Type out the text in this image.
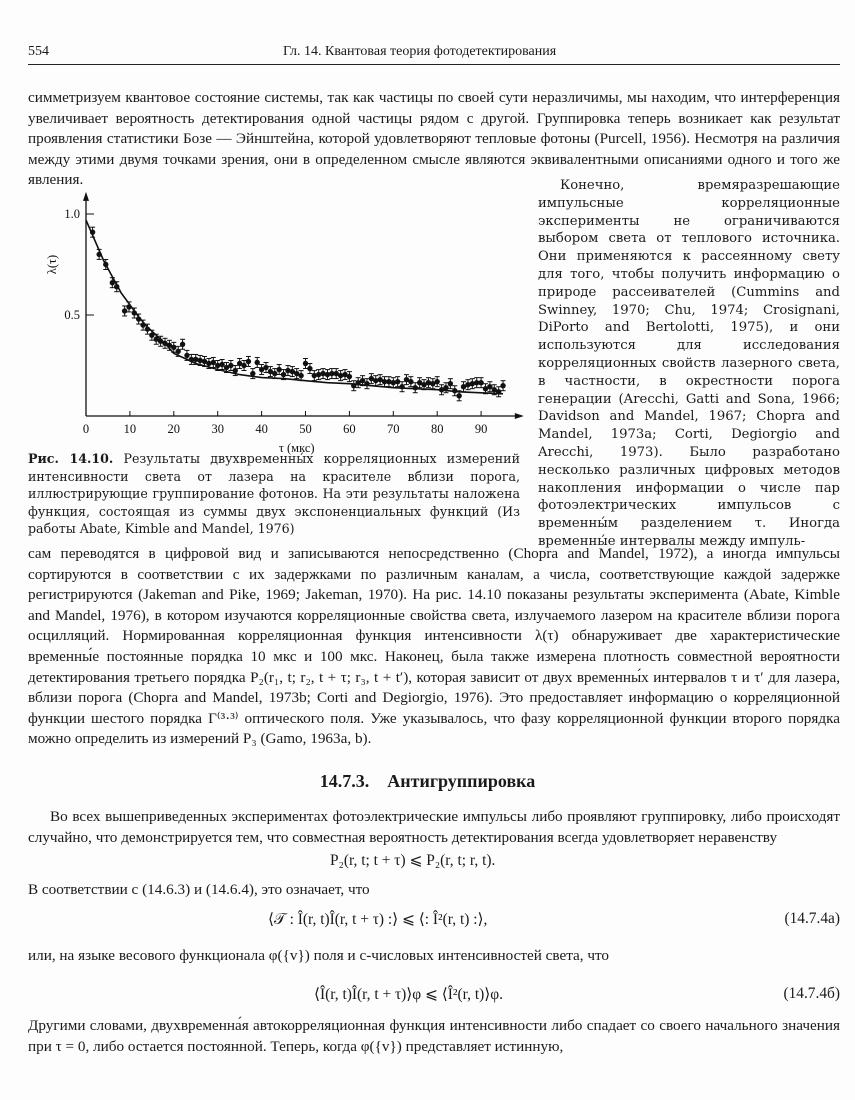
554	Гл. 14. Квантовая теория фотодетектирования

симметризуем квантовое состояние системы, так как частицы по своей сути неразличимы, мы находим, что интерференция увеличивает вероятность детектирования одной частицы рядом с другой. Группировка теперь возникает как результат проявления статистики Бозе — Эйнштейна, которой удовлетворяют тепловые фотоны (Purcell, 1956). Несмотря на различия между этими двумя точками зрения, они в определенном смысле являются эквивалентными описаниями одного и того же явления.

0	10	20	30	40	50	60	70	80	90
0.5
1.0
τ (мкс)
λ(τ)
Рис. 14.10. Результаты двухвременны́х корреляционных измерений интенсивности света от лазера на красителе вблизи порога, иллюстрирующие группирование фотонов. На эти результаты наложена функция, состоящая из суммы двух экспоненциальных функций (Из работы Abate, Kimble and Mandel, 1976)
Конечно, времяразрешающие импульсные корреляционные эксперименты не ограничиваются выбором света от теплового источника. Они применяются к рассеянному свету для того, чтобы получить информацию о природе рассеивателей (Cummins and Swinney, 1970; Chu, 1974; Crosignani, DiPorto and Bertolotti, 1975), и они используются для исследования корреляционных свойств лазерного света, в частности, в окрестности порога генерации (Arecchi, Gatti and Sona, 1966; Davidson and Mandel, 1967; Chopra and Mandel, 1973a; Corti, Degiorgio and Arecchi, 1973). Было разработано несколько различных цифровых методов накопления информации о числе пар фотоэлектрических импульсов с временны́м разделением τ. Иногда временны́е интервалы между импуль-
сам переводятся в цифровой вид и записываются непосредственно (Chopra and Mandel, 1972), а иногда импульсы сортируются в соответствии с их задержками по различным каналам, а числа, соответствующие каждой задержке регистрируются (Jakeman and Pike, 1969; Jakeman, 1970). На рис. 14.10 показаны результаты эксперимента (Abate, Kimble and Mandel, 1976), в котором изучаются корреляционные свойства света, излучаемого лазером на красителе вблизи порога осцилляций. Нормированная корреляционная функция интенсивности λ(τ) обнаруживает две характеристические временны́е постоянные порядка 10 мкс и 100 мкс. Наконец, была также измерена плотность совместной вероятности детектирования третьего порядка P₂(r₁, t; r₂, t + τ; r₃, t + t′), которая зависит от двух временны́х интервалов τ и τ′ для лазера, вблизи порога (Chopra and Mandel, 1973b; Corti and Degiorgio, 1976). Это предоставляет информацию о корреляционной функции шестого порядка Γ⁽³·³⁾ оптического поля. Уже указывалось, что фазу корреляционной функции второго порядка можно определить из измерений P₃ (Gamo, 1963a, b).
14.7.3. Антигруппировка
Во всех вышеприведенных экспериментах фотоэлектрические импульсы либо проявляют группировку, либо происходят случайно, что демонстрируется тем, что совместная вероятность детектирования всегда удовлетворяет неравенству
P₂(r, t; t + τ) ⩽ P₂(r, t; r, t).
В соответствии с (14.6.3) и (14.6.4), это означает, что
⟨𝒯 : Î(r, t)Î(r, t + τ) :⟩ ⩽ ⟨: Î²(r, t) :⟩,	(14.7.4а)
или, на языке весового функционала φ({v}) поля и c-числовых интенсивностей света, что
⟨Î(r, t)Î(r, t + τ)⟩φ ⩽ ⟨Î²(r, t)⟩φ.	(14.7.4б)
Другими словами, двухвременна́я автокорреляционная функция интенсивности либо спадает со своего начального значения при τ = 0, либо остается постоянной. Теперь, когда φ({v}) представляет истинную,
